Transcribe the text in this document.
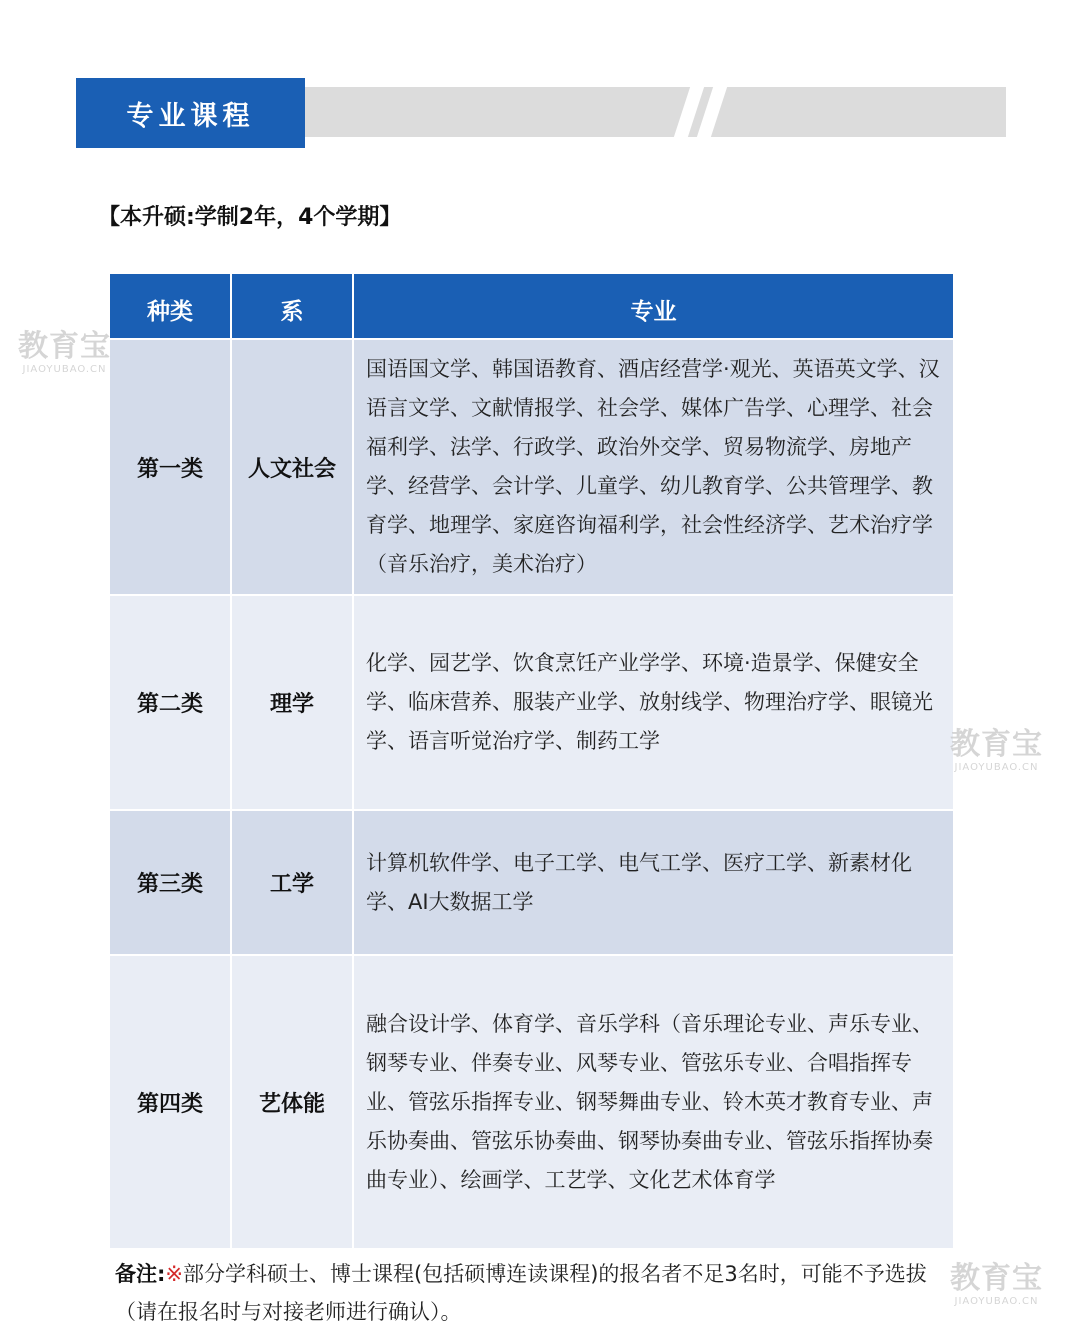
专业课程
【本升硕:学制2年，4个学期】
种类	系	专业
第一类	人文社会	国语国文学、韩国语教育、酒店经营学·观光、英语英文学、汉语言文学、文献情报学、社会学、媒体广告学、心理学、社会福利学、法学、行政学、政治外交学、贸易物流学、房地产学、经营学、会计学、儿童学、幼儿教育学、公共管理学、教育学、地理学、家庭咨询福利学，社会性经济学、艺术治疗学（音乐治疗，美术治疗）
第二类	理学	化学、园艺学、饮食烹饪产业学学、环境·造景学、保健安全学、临床营养、服装产业学、放射线学、物理治疗学、眼镜光学、语言听觉治疗学、制药工学
第三类	工学	计算机软件学、电子工学、电气工学、医疗工学、新素材化学、AI大数据工学
第四类	艺体能	融合设计学、体育学、音乐学科（音乐理论专业、声乐专业、钢琴专业、伴奏专业、风琴专业、管弦乐专业、合唱指挥专业、管弦乐指挥专业、钢琴舞曲专业、铃木英才教育专业、声乐协奏曲、管弦乐协奏曲、钢琴协奏曲专业、管弦乐指挥协奏曲专业）、绘画学、工艺学、文化艺术体育学
备注:※部分学科硕士、博士课程(包括硕博连读课程)的报名者不足3名时，可能不予选拔（请在报名时与对接老师进行确认）。
教育宝
JIAOYUBAO.CN
教育宝
JIAOYUBAO.CN
教育宝
JIAOYUBAO.CN
